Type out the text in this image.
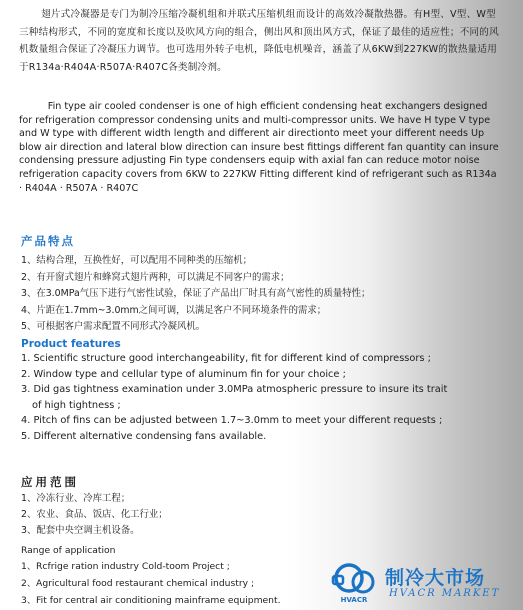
翅片式冷凝器是专门为制冷压缩冷凝机组和并联式压缩机组而设计的高效冷凝散热器。有H型、V型、W型三种结构形式，不同的宽度和长度以及吹风方向的组合，侧出风和顶出风方式，保证了最佳的适应性；不同的风机数量组合保证了冷凝压力调节。也可选用外转子电机，降低电机噪音，涵盖了从6KW到227KW的散热量适用于R134a·R404A·R507A·R407C各类制冷剂。

Fin type air cooled condenser is one of high efficient condensing heat exchangers designed for refrigeration compressor condensing units and multi-compressor units. We have H type V type and W type with different width length and different air directionto meet your different needs Up blow air direction and lateral blow direction can insure best fittings different fan quantity can insure condensing pressure adjusting Fin type condensers equip with axial fan can reduce motor noise refrigeration capacity covers from 6KW to 227KW Fitting different kind of refrigerant such as R134a · R404A · R507A · R407C

产品特点
1、结构合理，互换性好，可以配用不同种类的压缩机；
2、有开窗式翅片和蜂窝式翅片两种，可以满足不同客户的需求；
3、在3.0MPa气压下进行气密性试验，保证了产品出厂时具有高气密性的质量特性；
4、片距在1.7mm~3.0mm之间可调，以满足客户不同环境条件的需求；
5、可根据客户需求配置不同形式冷凝风机。
Product features
1. Scientific structure good interchangeability, fit for different kind of compressors ;
2. Window type and cellular type of aluminum fin for your choice ;
3. Did gas tightness examination under 3.0MPa atmospheric pressure to insure its trait
of high tightness ;
4. Pitch of fins can be adjusted between 1.7~3.0mm to meet your different requests ;
5. Different alternative condensing fans available.
应用范围
1、冷冻行业、冷库工程；
2、农业、食品、饭店、化工行业；
3、配套中央空调主机设备。
Range of application
1、Rcfrige ration industry Cold-toom Project ;
2、Agricultural food restaurant chemical industry ;
3、Fit for central air conditioning mainframe equipment.	HVACR
制冷大市场
HVACR MARKET
